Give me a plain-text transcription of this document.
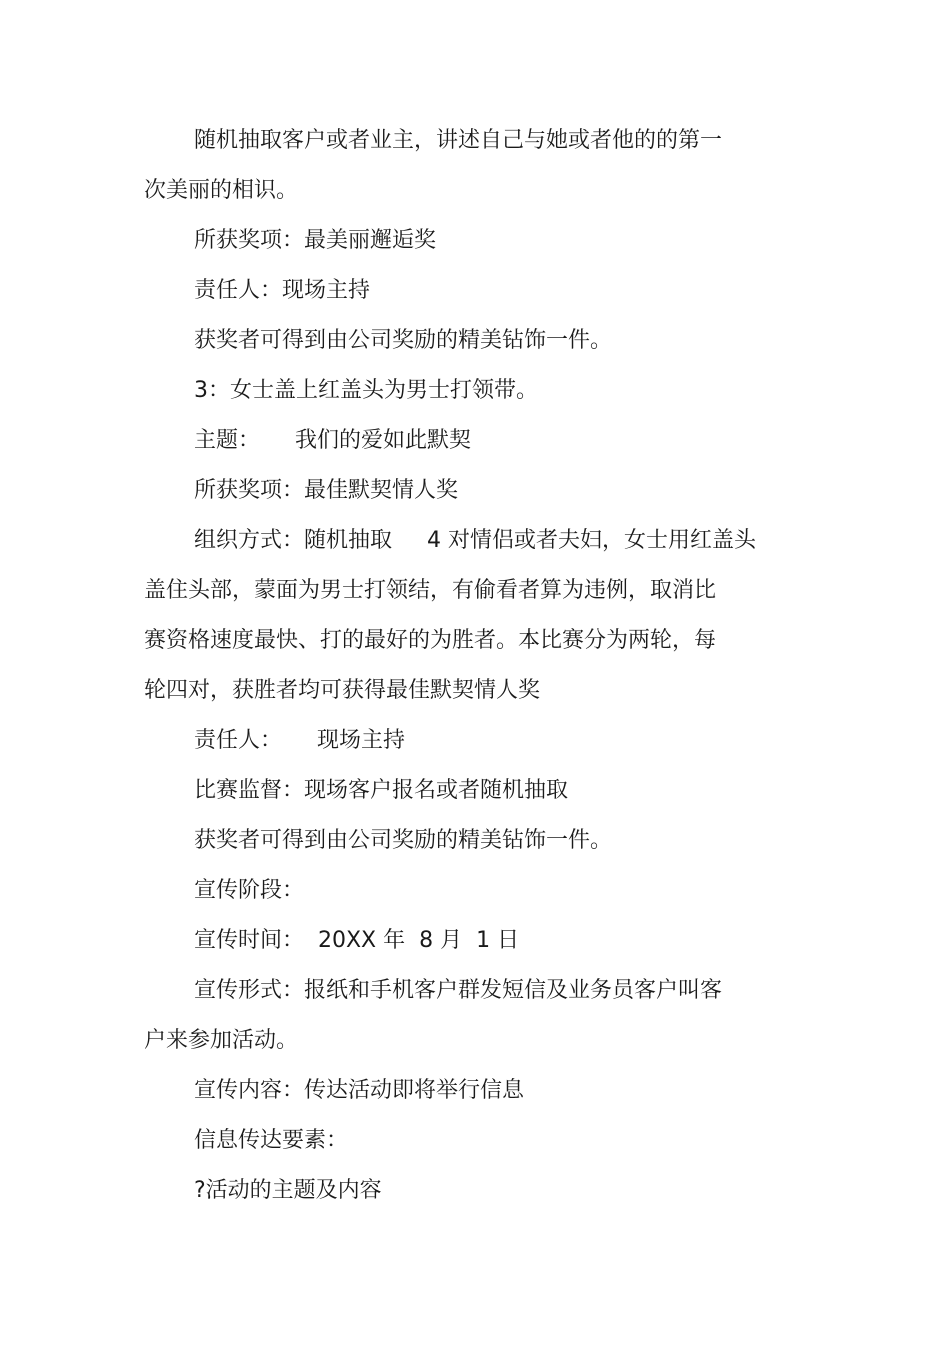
随机抽取客户或者业主，讲述自己与她或者他的的第一
次美丽的相识。
所获奖项：最美丽邂逅奖
责任人：现场主持
获奖者可得到由公司奖励的精美钻饰一件。
3：女士盖上红盖头为男士打领带。
主题：     我们的爱如此默契
所获奖项：最佳默契情人奖
组织方式：随机抽取     4 对情侣或者夫妇，女士用红盖头
盖住头部，蒙面为男士打领结，有偷看者算为违例，取消比
赛资格速度最快、打的最好的为胜者。本比赛分为两轮，每
轮四对，获胜者均可获得最佳默契情人奖
责任人：     现场主持
比赛监督：现场客户报名或者随机抽取
获奖者可得到由公司奖励的精美钻饰一件。
宣传阶段：
宣传时间：  20XX 年  8 月  1 日
宣传形式：报纸和手机客户群发短信及业务员客户叫客
户来参加活动。
宣传内容：传达活动即将举行信息
信息传达要素：
?活动的主题及内容
